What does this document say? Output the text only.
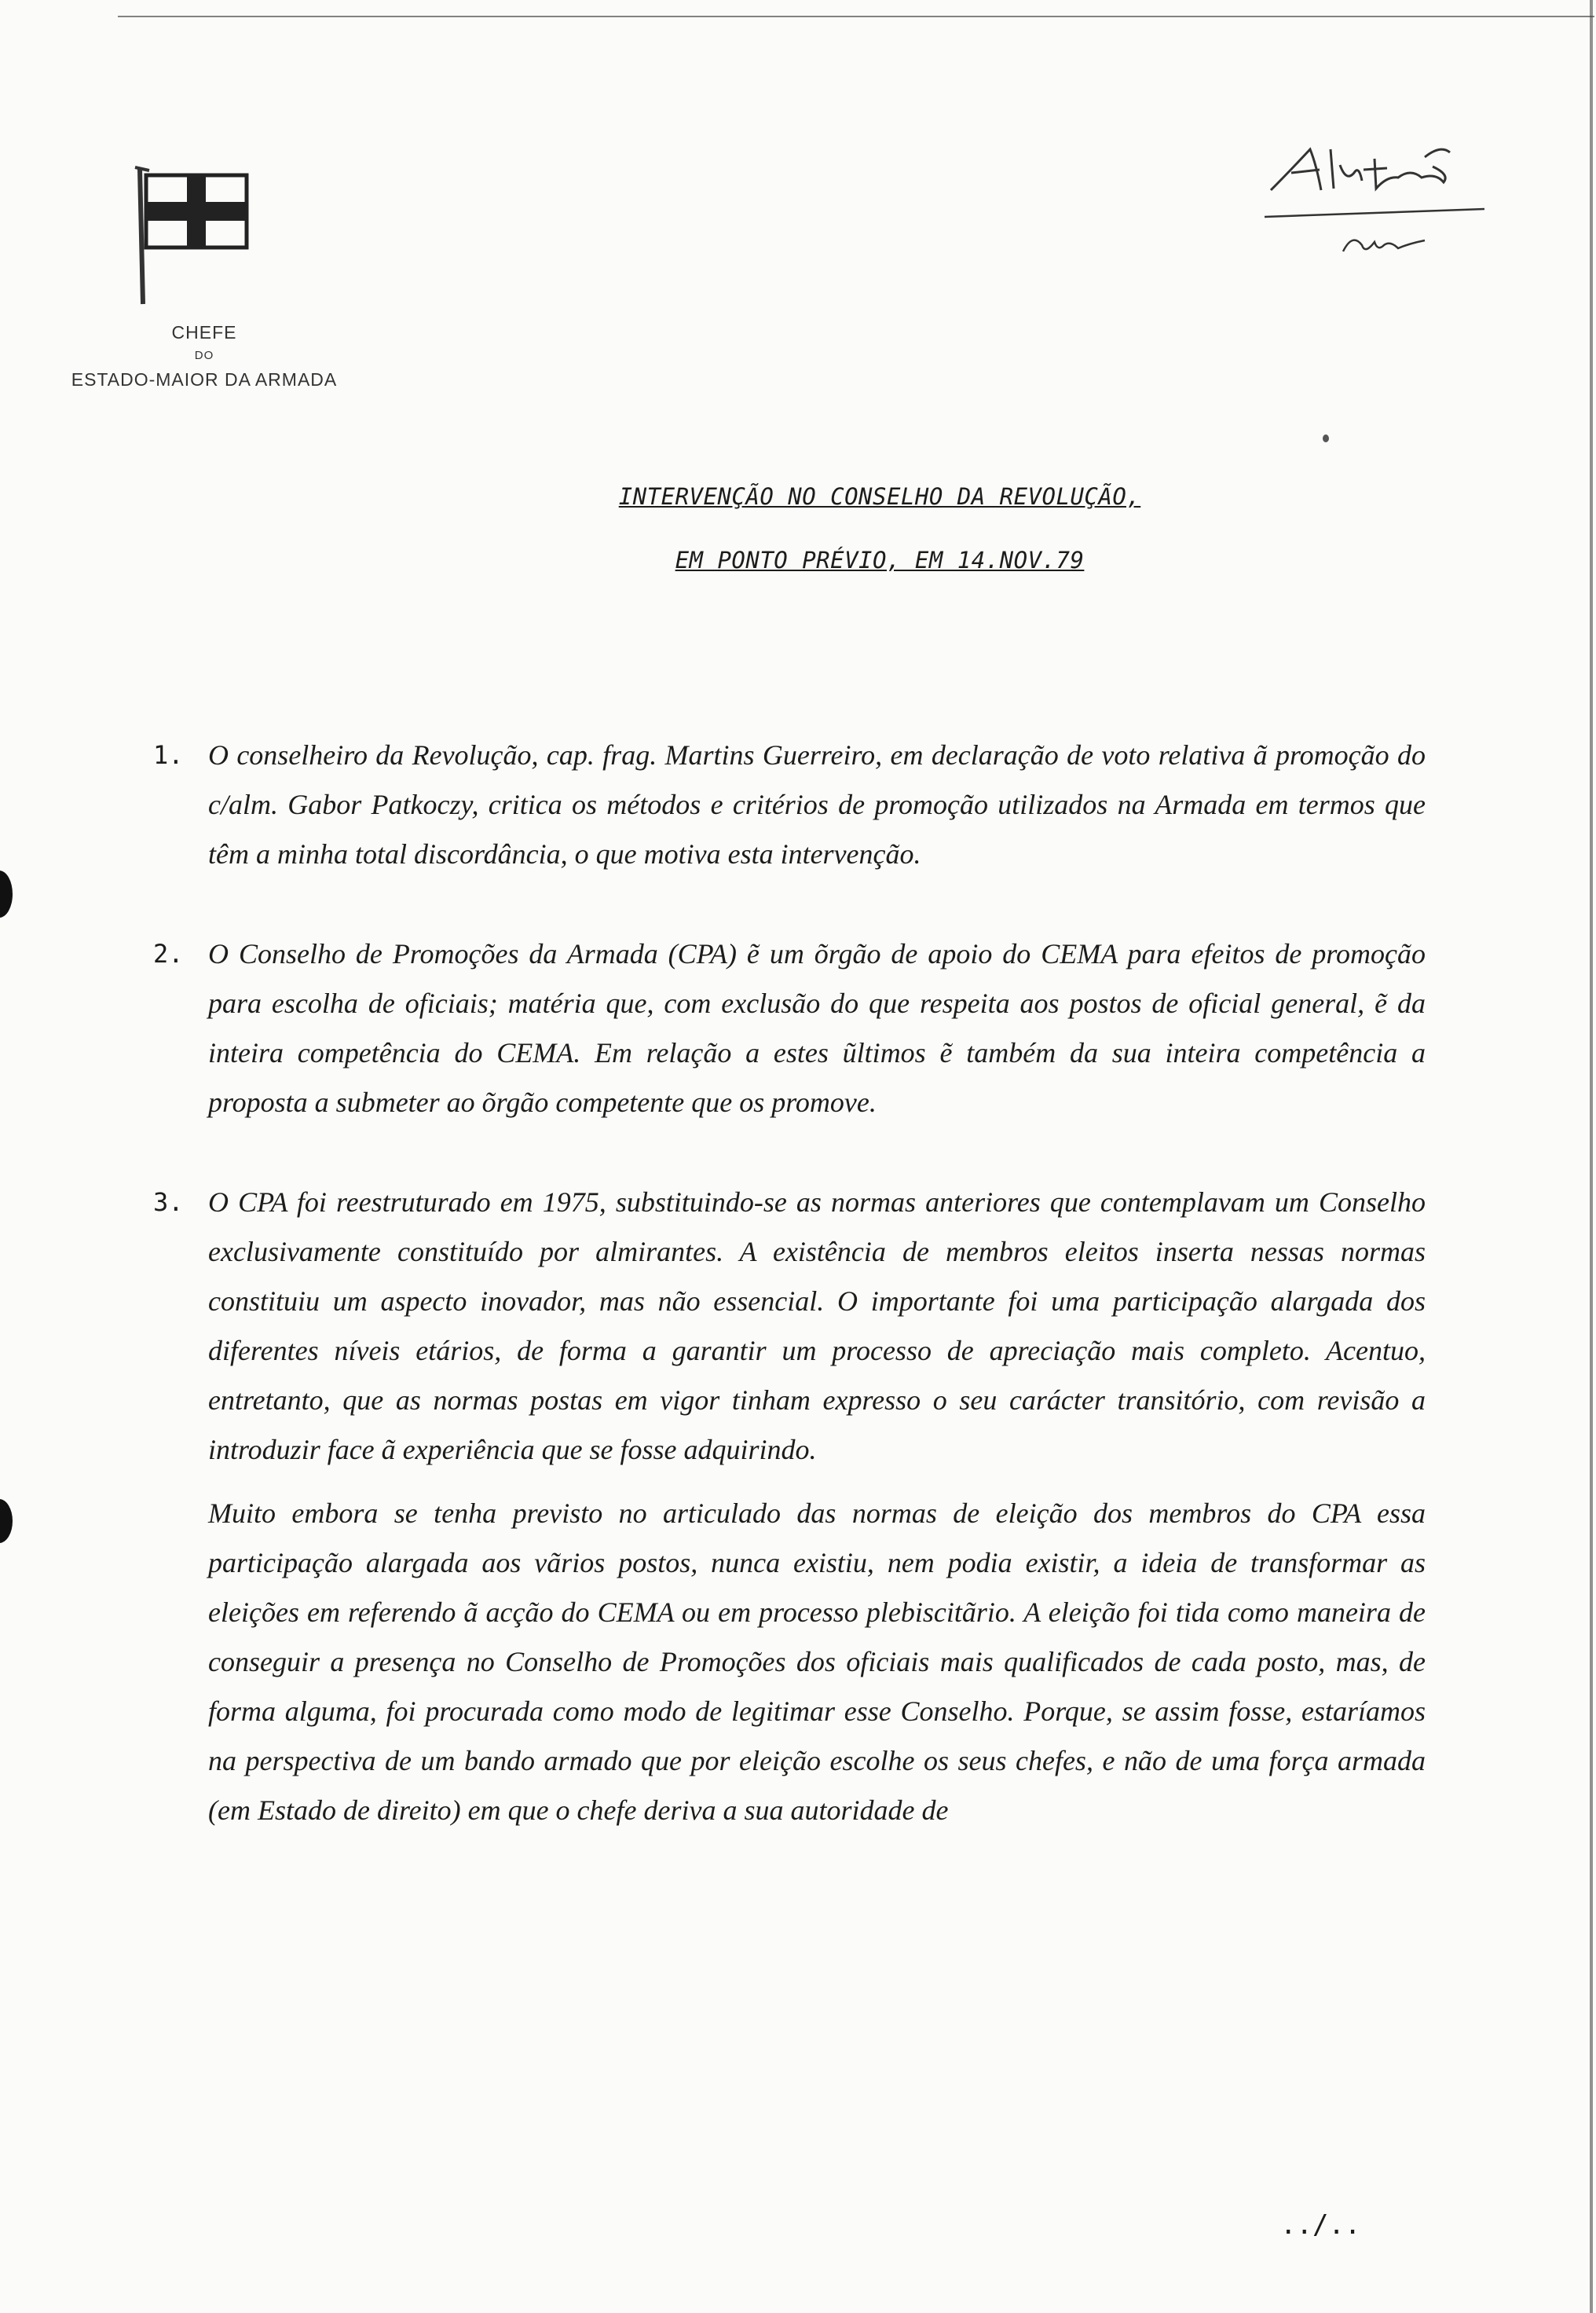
CHEFE
DO
ESTADO-MAIOR DA ARMADA
INTERVENÇÃO NO CONSELHO DA REVOLUÇÃO,
EM PONTO PRÉVIO, EM 14.NOV.79
1. O conselheiro da Revolução, cap. frag. Martins Guerreiro, em declaração de voto relativa ã promoção do c/alm. Gabor Patkoczy, critica os métodos e critérios de promoção utilizados na Armada em termos que têm a minha total discordância, o que motiva esta intervenção.
2. O Conselho de Promoções da Armada (CPA) ẽ um õrgão de apoio do CEMA para efeitos de promoção para escolha de oficiais; matéria que, com exclusão do que respeita aos postos de oficial general, ẽ da inteira competência do CEMA. Em relação a estes ũltimos ẽ também da sua inteira competência a proposta a submeter ao õrgão competente que os promove.
3. O CPA foi reestruturado em 1975, substituindo-se as normas anteriores que contemplavam um Conselho exclusivamente constituído por almirantes. A existência de membros eleitos inserta nessas normas constituiu um aspecto inovador, mas não essencial. O importante foi uma participação alargada dos diferentes níveis etários, de forma a garantir um processo de apreciação mais completo. Acentuo, entretanto, que as normas postas em vigor tinham expresso o seu carácter transitório, com revisão a introduzir face ã experiência que se fosse adquirindo.
Muito embora se tenha previsto no articulado das normas de eleição dos membros do CPA essa participação alargada aos vãrios postos, nunca existiu, nem podia existir, a ideia de transformar as eleições em referendo ã acção do CEMA ou em processo plebiscitãrio. A eleição foi tida como maneira de conseguir a presença no Conselho de Promoções dos oficiais mais qualificados de cada posto, mas, de forma alguma, foi procurada como modo de legitimar esse Conselho. Porque, se assim fosse, estaríamos na perspectiva de um bando armado que por eleição escolhe os seus chefes, e não de uma força armada (em Estado de direito) em que o chefe deriva a sua autoridade de
../..
